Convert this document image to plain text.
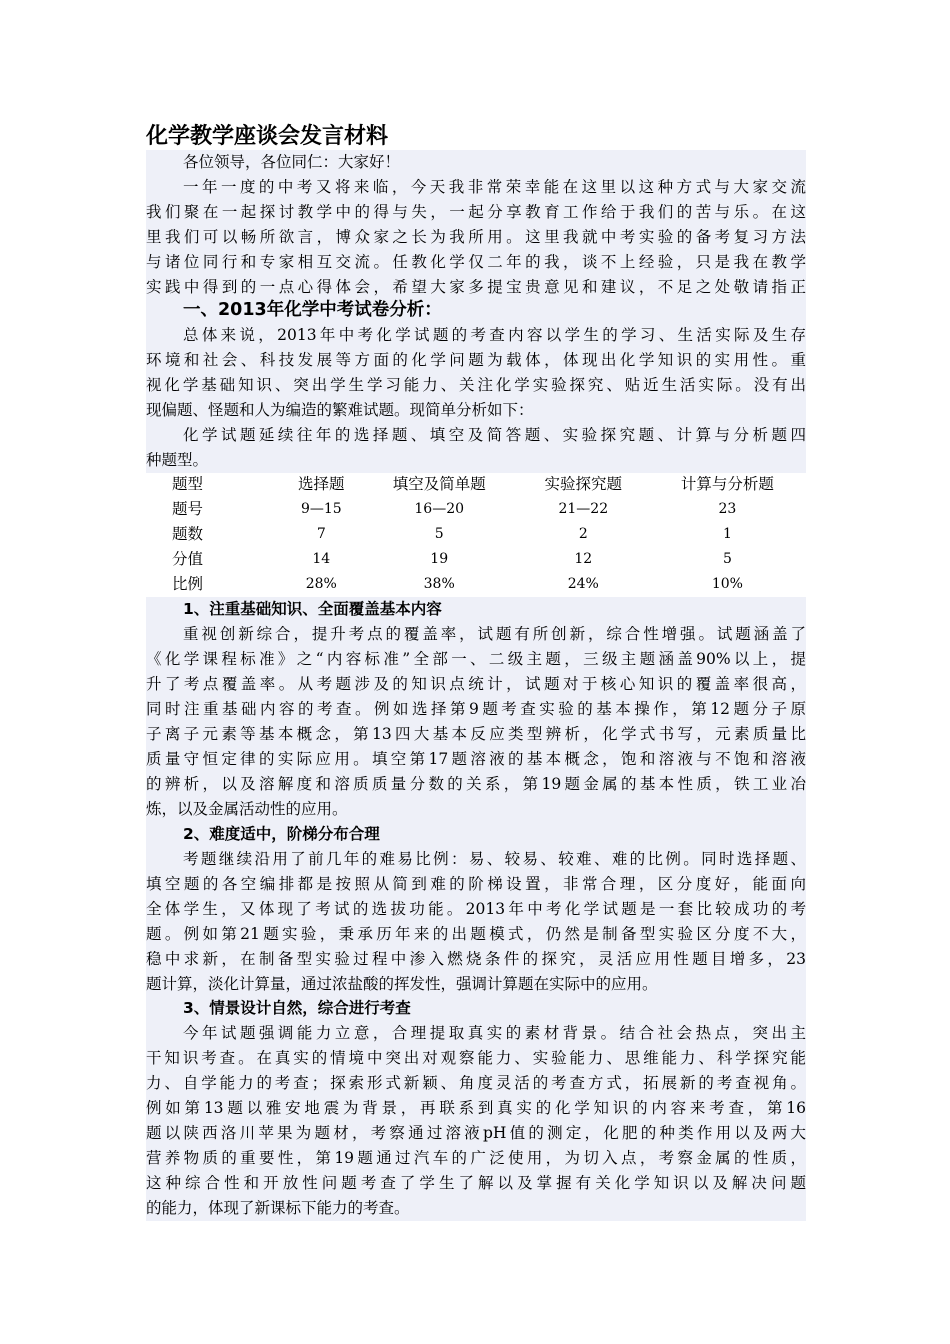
化学教学座谈会发言材料
各位领导，各位同仁：大家好！
一年一度的中考又将来临，今天我非常荣幸能在这里以这种方式与大家交流
我们聚在一起探讨教学中的得与失，一起分享教育工作给于我们的苦与乐。在这
里我们可以畅所欲言，博众家之长为我所用。这里我就中考实验的备考复习方法
与诸位同行和专家相互交流。任教化学仅二年的我，谈不上经验，只是我在教学
实践中得到的一点心得体会，希望大家多提宝贵意见和建议，不足之处敬请指正
一、2013年化学中考试卷分析：
总体来说，2013年中考化学试题的考查内容以学生的学习、生活实际及生存
环境和社会、科技发展等方面的化学问题为载体，体现出化学知识的实用性。重
视化学基础知识、突出学生学习能力、关注化学实验探究、贴近生活实际。没有出
现偏题、怪题和人为编造的繁难试题。现简单分析如下：
化学试题延续往年的选择题、填空及简答题、实验探究题、计算与分析题四
种题型。
题型	选择题	填空及简单题	实验探究题	计算与分析题
题号	9—15	16—20	21—22	23
题数	7	5	2	1
分值	14	19	12	5
比例	28%	38%	24%	10%
1、注重基础知识、全面覆盖基本内容
重视创新综合，提升考点的覆盖率，试题有所创新，综合性增强。试题涵盖了
《化学课程标准》之“内容标准”全部一、二级主题，三级主题涵盖90%以上，提
升了考点覆盖率。从考题涉及的知识点统计，试题对于核心知识的覆盖率很高，
同时注重基础内容的考查。例如选择第9题考查实验的基本操作，第12题分子原
子离子元素等基本概念，第13四大基本反应类型辨析，化学式书写，元素质量比
质量守恒定律的实际应用。填空第17题溶液的基本概念，饱和溶液与不饱和溶液
的辨析，以及溶解度和溶质质量分数的关系，第19题金属的基本性质，铁工业冶
炼，以及金属活动性的应用。
2、难度适中，阶梯分布合理
考题继续沿用了前几年的难易比例：易、较易、较难、难的比例。同时选择题、
填空题的各空编排都是按照从简到难的阶梯设置，非常合理，区分度好，能面向
全体学生，又体现了考试的选拔功能。2013年中考化学试题是一套比较成功的考
题。例如第21题实验，秉承历年来的出题模式，仍然是制备型实验区分度不大，
稳中求新，在制备型实验过程中渗入燃烧条件的探究，灵活应用性题目增多，23
题计算，淡化计算量，通过浓盐酸的挥发性，强调计算题在实际中的应用。
3、情景设计自然，综合进行考查
今年试题强调能力立意，合理提取真实的素材背景。结合社会热点，突出主
干知识考查。在真实的情境中突出对观察能力、实验能力、思维能力、科学探究能
力、自学能力的考查；探索形式新颖、角度灵活的考查方式，拓展新的考查视角。
例如第13题以雅安地震为背景，再联系到真实的化学知识的内容来考查，第16
题以陕西洛川苹果为题材，考察通过溶液pH值的测定，化肥的种类作用以及两大
营养物质的重要性，第19题通过汽车的广泛使用，为切入点，考察金属的性质，
这种综合性和开放性问题考查了学生了解以及掌握有关化学知识以及解决问题
的能力，体现了新课标下能力的考查。
